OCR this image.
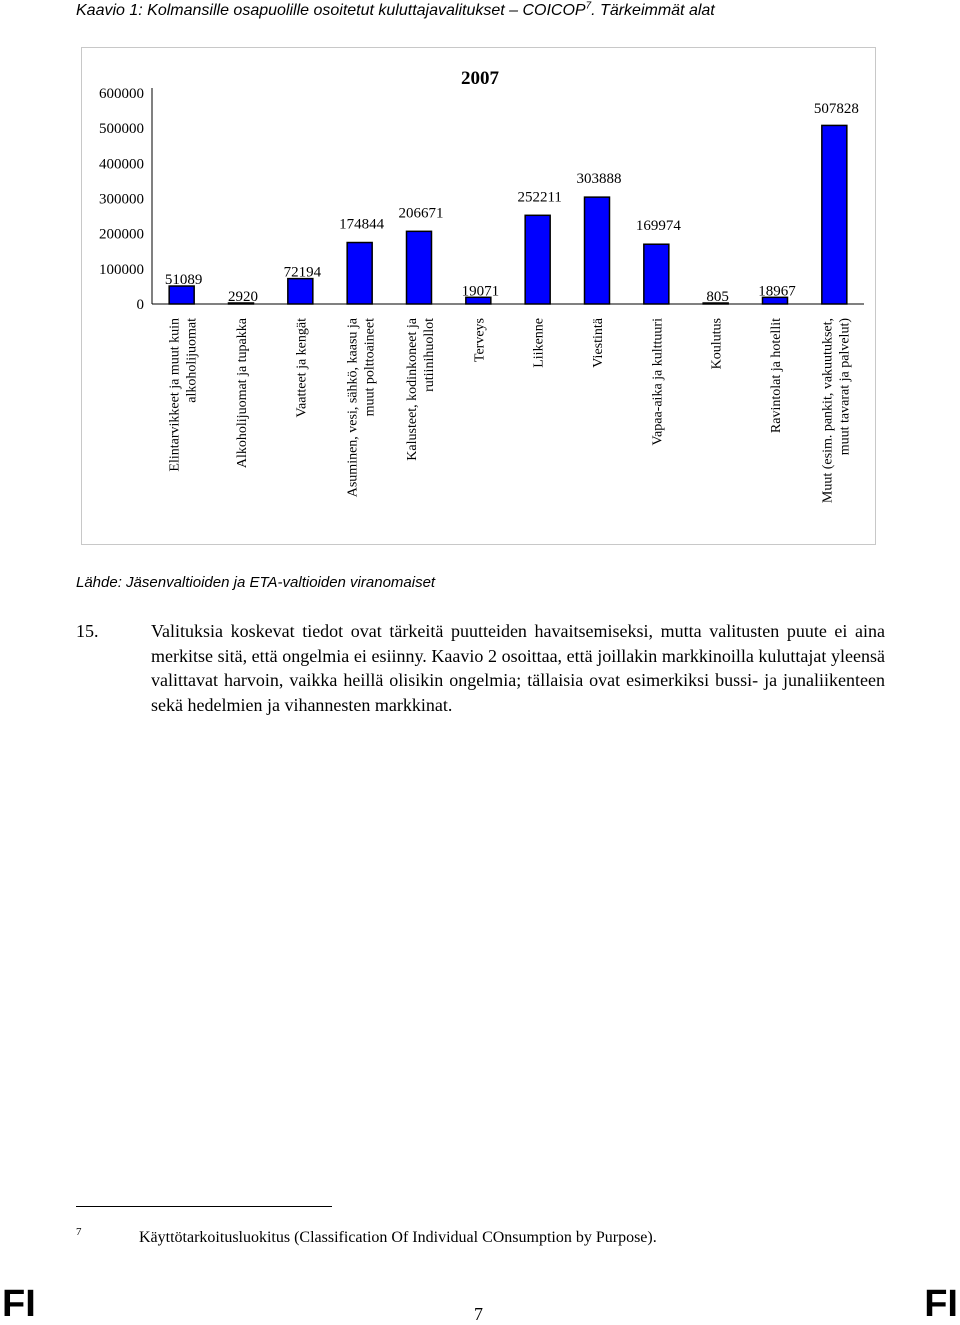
Kaavio 1: Kolmansille osapuolille osoitetut kuluttajavalitukset – COICOP$^7$. Tärkeimmät alat
2007
0
100000
200000
300000
400000
500000
600000
51089
Elintarvikkeet ja muut kuin alkoholijuomat
2920
Alkoholijuomat ja tupakka
72194
Vaatteet ja kengät
174844
Asuminen, vesi, sähkö, kaasu ja muut polttoaineet
206671
Kalusteet, kodinkoneet ja rutiinihuollot
19071
Terveys
252211
Liikenne
303888
Viestintä
169974
Vapaa-aika ja kulttuuri
805
Koulutus
18967
Ravintolat ja hotellit
507828
Muut (esim. pankit, vakuutukset, muut tavarat ja palvelut)
Lähde: Jäsenvaltioiden ja ETA-valtioiden viranomaiset
15.	Valituksia koskevat tiedot ovat tärkeitä puutteiden havaitsemiseksi, mutta valitusten puute ei aina merkitse sitä, että ongelmia ei esiinny. Kaavio 2 osoittaa, että joillakin markkinoilla kuluttajat yleensä valittavat harvoin, vaikka heillä olisikin ongelmia; tällaisia ovat esimerkiksi bussi- ja junaliikenteen sekä hedelmien ja vihannesten markkinat.
7	Käyttötarkoitusluokitus (Classification Of Individual COnsumption by Purpose).
FI	7	FI
